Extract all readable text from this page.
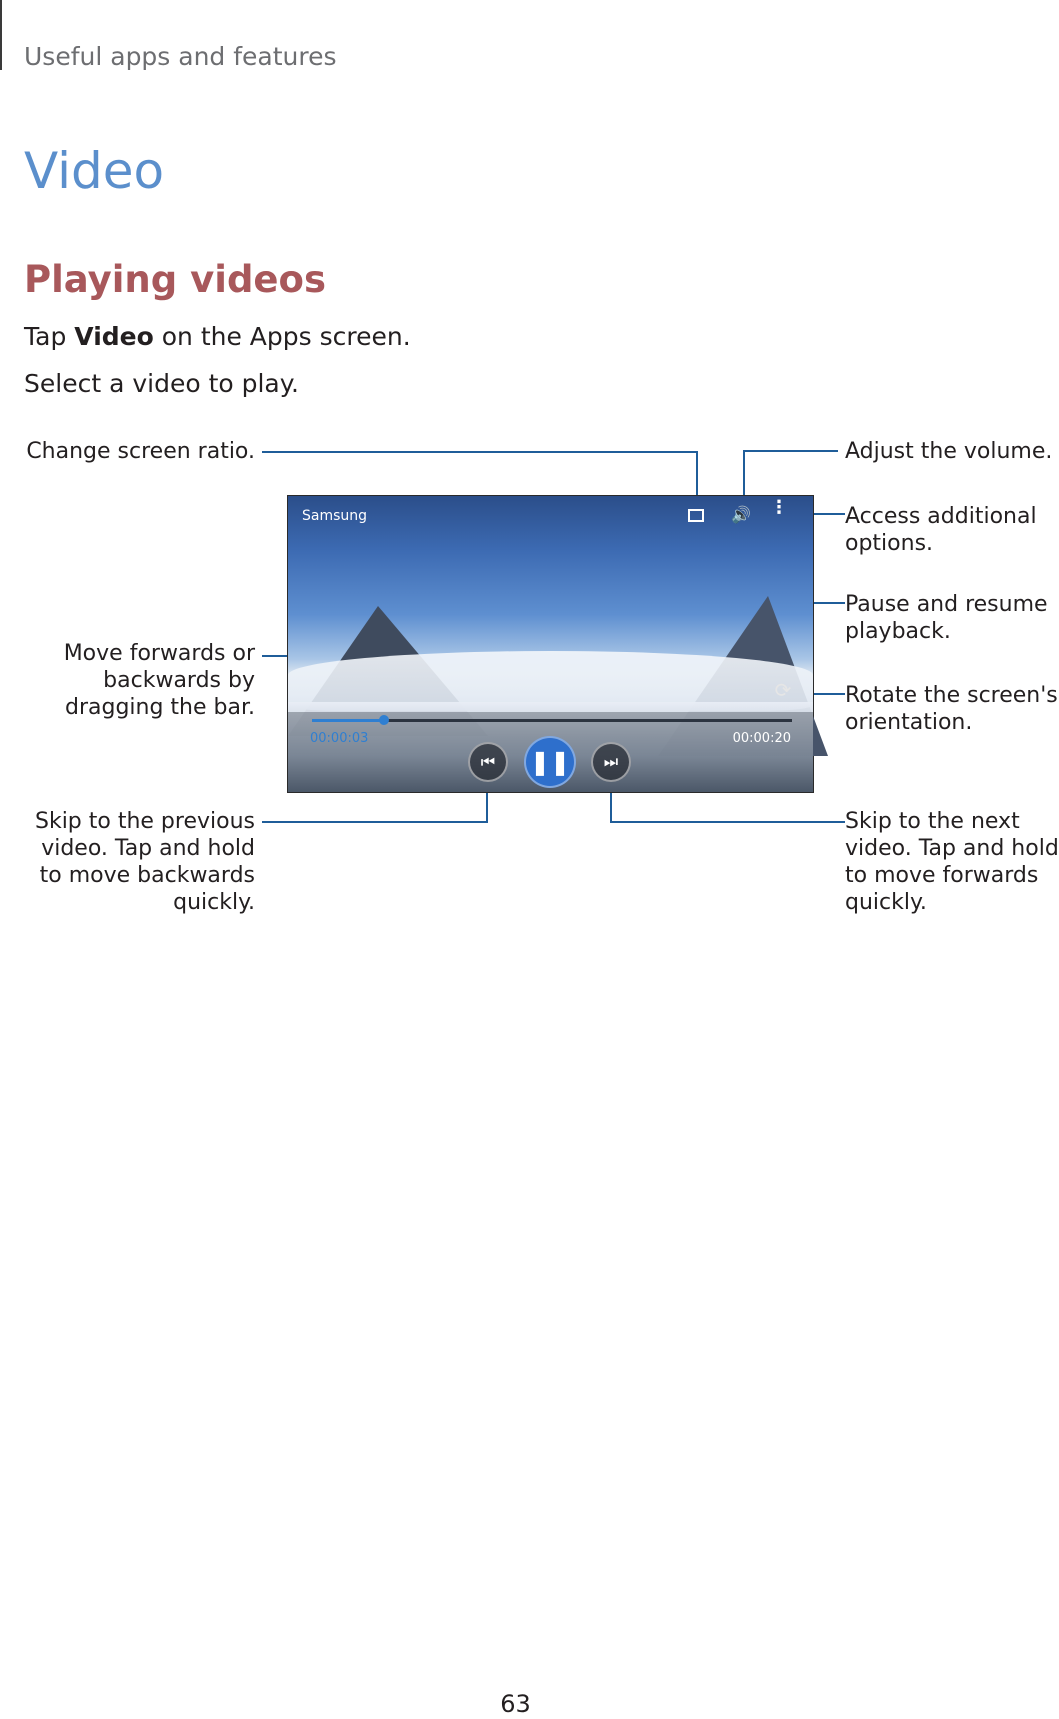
Useful apps and features
Video
Playing videos
Tap Video on the Apps screen.
Select a video to play.
Change screen ratio.	Adjust the volume.
Access additional
options.
Pause and resume
playback.
Move forwards or
backwards by
dragging the bar.	Rotate the screen's
orientation.
Skip to the previous
video. Tap and hold
to move backwards
quickly.
Skip to the next
video. Tap and hold
to move forwards
quickly.
Samsung	🔊 ⋮
⟳
00:00:03	00:00:20
⏮	❚❚	⏭
63
